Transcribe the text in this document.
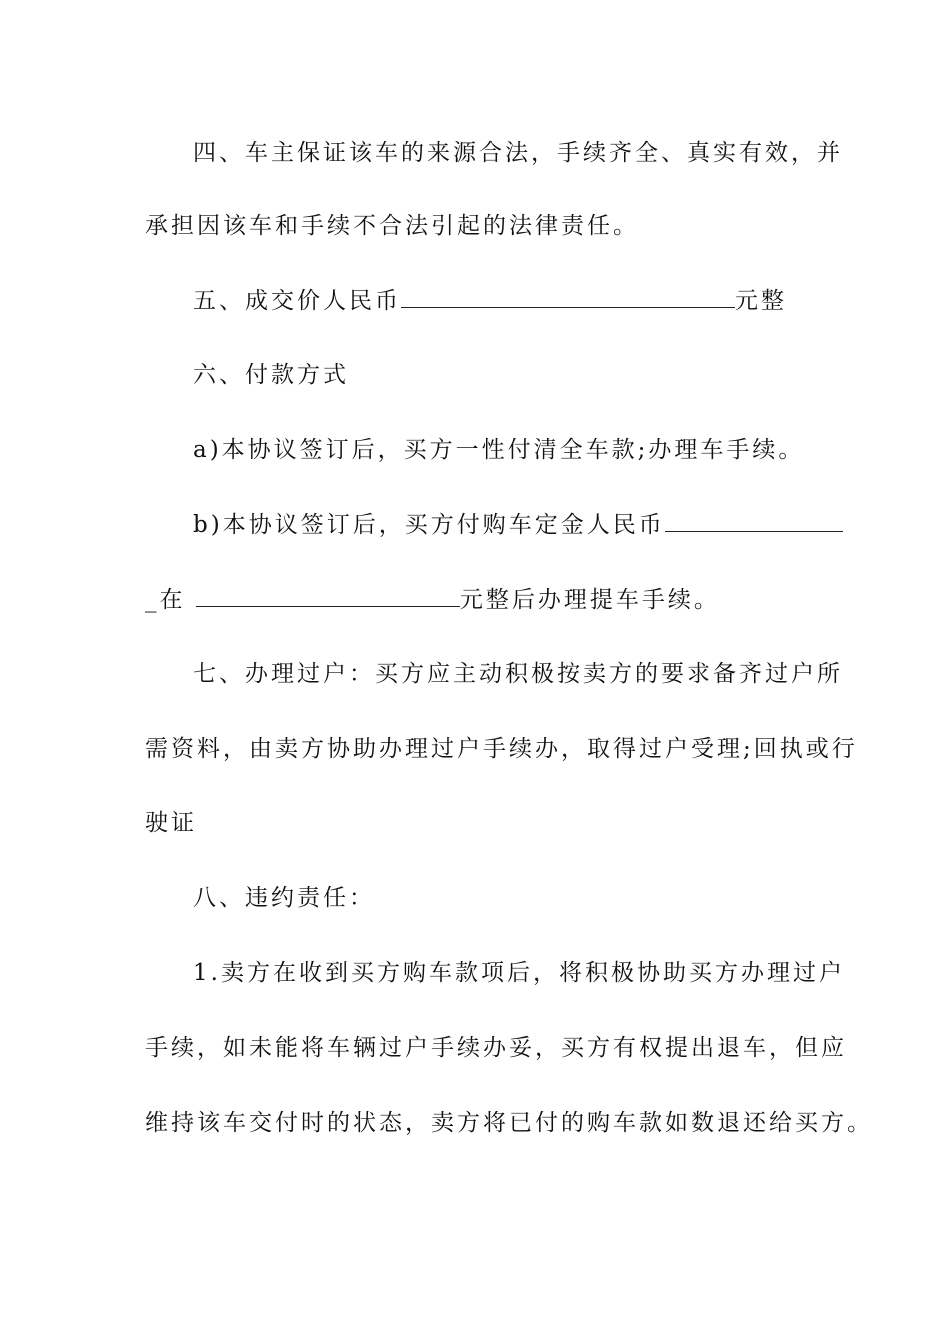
四、车主保证该车的来源合法，手续齐全、真实有效，并
承担因该车和手续不合法引起的法律责任。
五、成交价人民币	元整
六、付款方式
a)本协议签订后，买方一性付清全车款;办理车手续。
b)本协议签订后，买方付购车定金人民币
_在	元整后办理提车手续。
七、办理过户：买方应主动积极按卖方的要求备齐过户所
需资料，由卖方协助办理过户手续办，取得过户受理;回执或行
驶证
八、违约责任：
1.卖方在收到买方购车款项后，将积极协助买方办理过户
手续，如未能将车辆过户手续办妥，买方有权提出退车，但应
维持该车交付时的状态，卖方将已付的购车款如数退还给买方。
